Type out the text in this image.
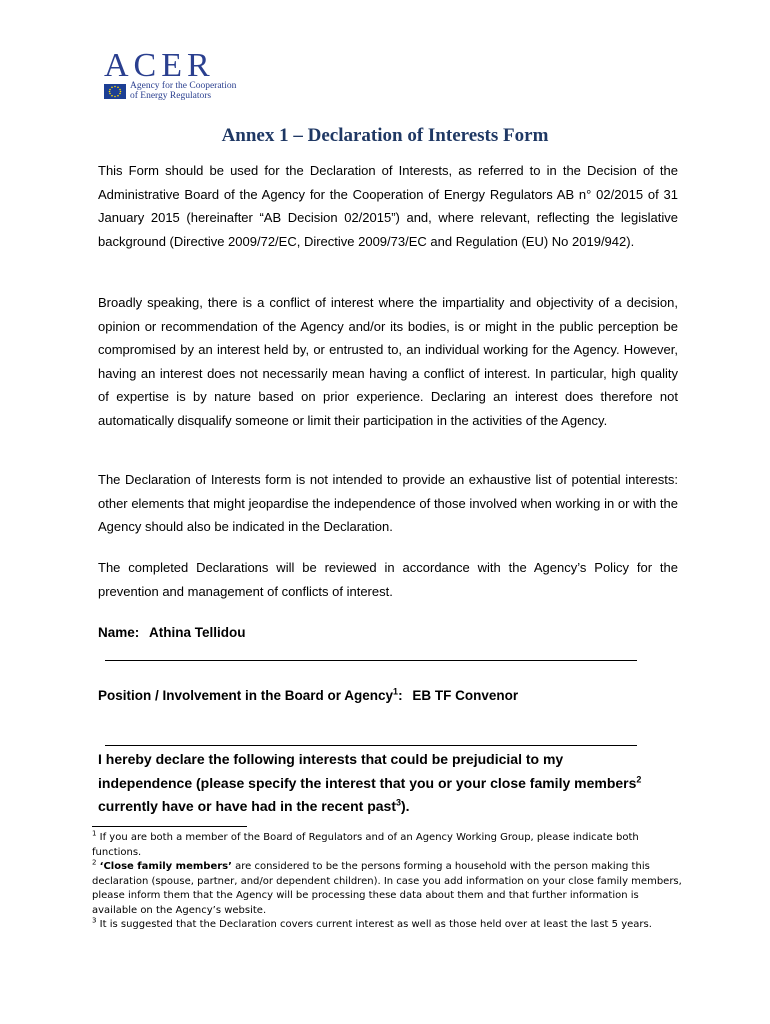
ACER
Agency for the Cooperation
of Energy Regulators
Annex 1 – Declaration of Interests Form

This Form should be used for the Declaration of Interests, as referred to in the Decision of the Administrative Board of the Agency for the Cooperation of Energy Regulators AB n° 02/2015 of 31 January 2015 (hereinafter “AB Decision 02/2015”) and, where relevant, reflecting the legislative background (Directive 2009/72/EC, Directive 2009/73/EC and Regulation (EU) No 2019/942).

Broadly speaking, there is a conflict of interest where the impartiality and objectivity of a decision, opinion or recommendation of the Agency and/or its bodies, is or might in the public perception be compromised by an interest held by, or entrusted to, an individual working for the Agency. However, having an interest does not necessarily mean having a conflict of interest. In particular, high quality of expertise is by nature based on prior experience. Declaring an interest does therefore not automatically disqualify someone or limit their participation in the activities of the Agency.

The Declaration of Interests form is not intended to provide an exhaustive list of potential interests: other elements that might jeopardise the independence of those involved when working in or with the Agency should also be indicated in the Declaration.

The completed Declarations will be reviewed in accordance with the Agency’s Policy for the prevention and management of conflicts of interest.

Name: Athina Tellidou
Position / Involvement in the Board or Agency$^1$: EB TF Convenor

I hereby declare the following interests that could be prejudicial to my independence (please specify the interest that you or your close family members$^2$ currently have or have had in the recent past$^3$).

$^1$ If you are both a member of the Board of Regulators and of an Agency Working Group, please indicate both functions.

$^2$ ‘Close family members’ are considered to be the persons forming a household with the person making this declaration (spouse, partner, and/or dependent children). In case you add information on your close family members, please inform them that the Agency will be processing these data about them and that further information is available on the Agency’s website.

$^3$ It is suggested that the Declaration covers current interest as well as those held over at least the last 5 years.
